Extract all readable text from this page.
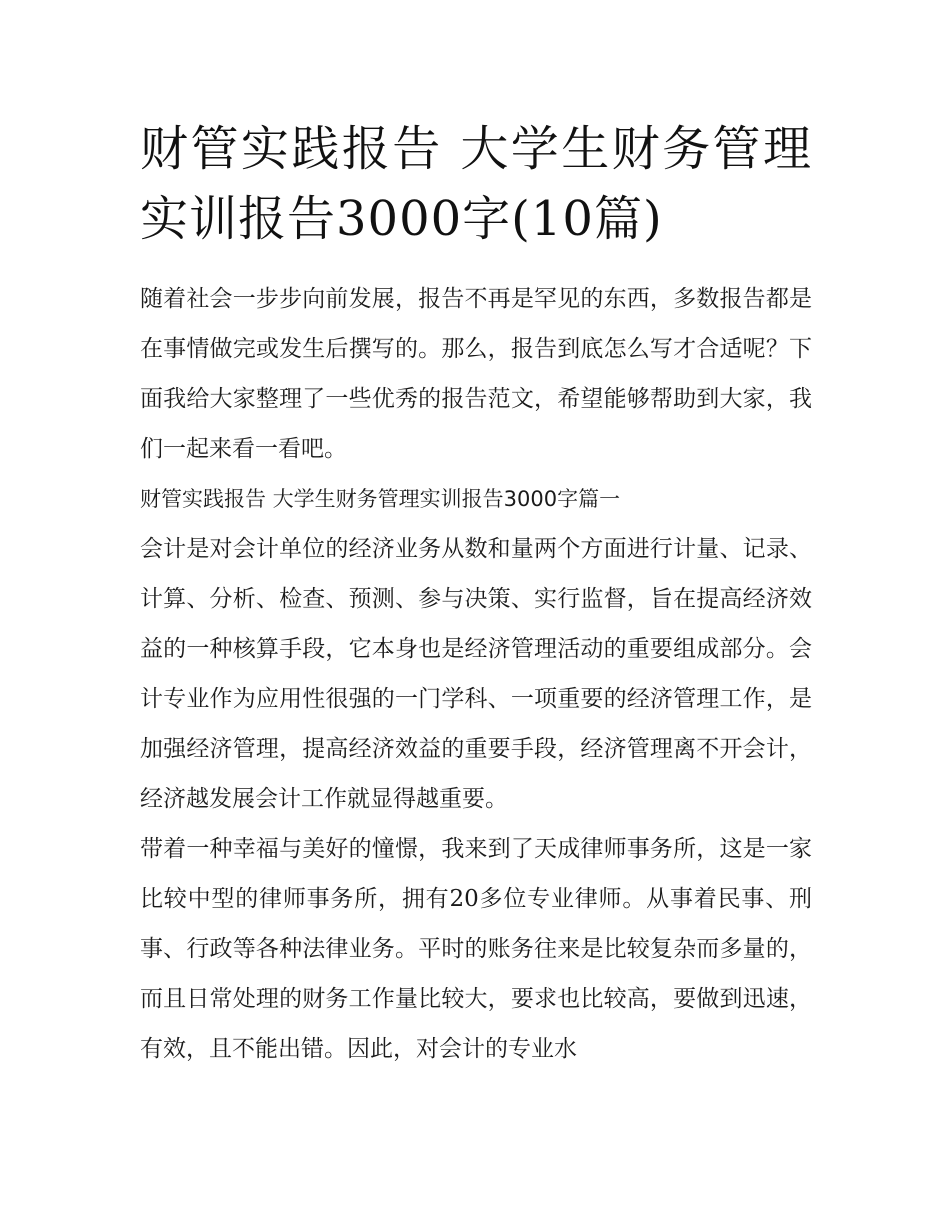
财管实践报告 大学生财务管理实训报告3000字(10篇)

随着社会一步步向前发展，报告不再是罕见的东西，多数报告都是在事情做完或发生后撰写的。那么，报告到底怎么写才合适呢？下面我给大家整理了一些优秀的报告范文，希望能够帮助到大家，我们一起来看一看吧。

财管实践报告 大学生财务管理实训报告3000字篇一

会计是对会计单位的经济业务从数和量两个方面进行计量、记录、计算、分析、检查、预测、参与决策、实行监督，旨在提高经济效益的一种核算手段，它本身也是经济管理活动的重要组成部分。会计专业作为应用性很强的一门学科、一项重要的经济管理工作，是加强经济管理，提高经济效益的重要手段，经济管理离不开会计，经济越发展会计工作就显得越重要。

带着一种幸福与美好的憧憬，我来到了天成律师事务所，这是一家比较中型的律师事务所，拥有20多位专业律师。从事着民事、刑事、行政等各种法律业务。平时的账务往来是比较复杂而多量的，而且日常处理的财务工作量比较大，要求也比较高，要做到迅速，有效，且不能出错。因此，对会计的专业水
